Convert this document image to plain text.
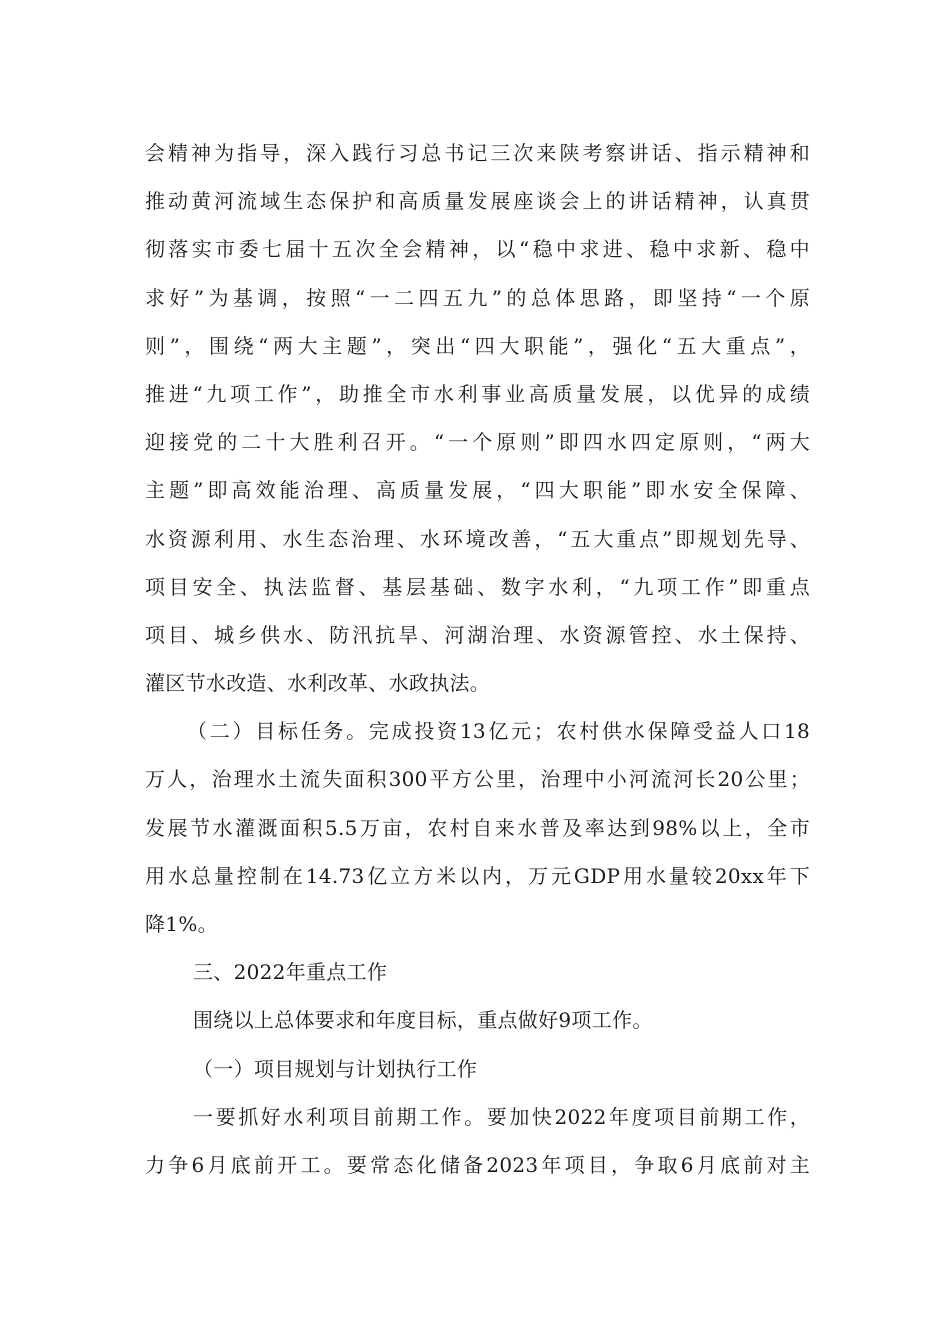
会精神为指导，深入践行习总书记三次来陕考察讲话、指示精神和
推动黄河流域生态保护和高质量发展座谈会上的讲话精神，认真贯
彻落实市委七届十五次全会精神，以“稳中求进、稳中求新、稳中
求好”为基调，按照“一二四五九”的总体思路，即坚持“一个原
则”，围绕“两大主题”，突出“四大职能”，强化“五大重点”，
推进“九项工作”，助推全市水利事业高质量发展，以优异的成绩
迎接党的二十大胜利召开。“一个原则”即四水四定原则，“两大
主题”即高效能治理、高质量发展，“四大职能”即水安全保障、
水资源利用、水生态治理、水环境改善，“五大重点”即规划先导、
项目安全、执法监督、基层基础、数字水利，“九项工作”即重点
项目、城乡供水、防汛抗旱、河湖治理、水资源管控、水土保持、
灌区节水改造、水利改革、水政执法。
（二）目标任务。完成投资13亿元；农村供水保障受益人口18
万人，治理水土流失面积300平方公里，治理中小河流河长20公里；
发展节水灌溉面积5.5万亩，农村自来水普及率达到98%以上，全市
用水总量控制在14.73亿立方米以内，万元GDP用水量较20xx年下
降1%。
三、2022年重点工作
围绕以上总体要求和年度目标，重点做好9项工作。
（一）项目规划与计划执行工作
一要抓好水利项目前期工作。要加快2022年度项目前期工作，
力争6月底前开工。要常态化储备2023年项目，争取6月底前对主
